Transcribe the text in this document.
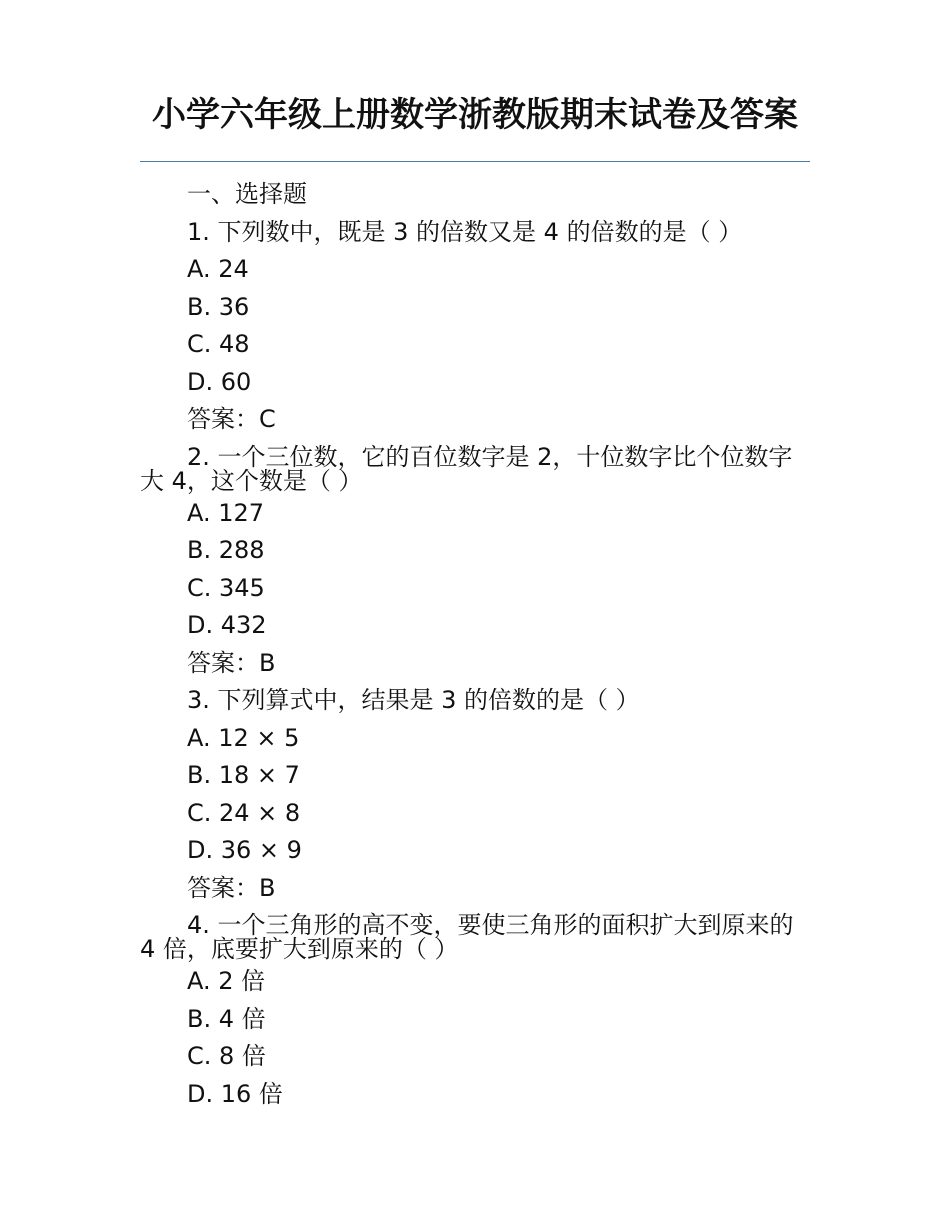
小学六年级上册数学浙教版期末试卷及答案
一、选择题
1. 下列数中，既是 3 的倍数又是 4 的倍数的是（ ）
A. 24
B. 36
C. 48
D. 60
答案：C
2. 一个三位数，它的百位数字是 2，十位数字比个位数字大 4，这个数是（ ）
A. 127
B. 288
C. 345
D. 432
答案：B
3. 下列算式中，结果是 3 的倍数的是（ ）
A. 12 × 5
B. 18 × 7
C. 24 × 8
D. 36 × 9
答案：B
4. 一个三角形的高不变，要使三角形的面积扩大到原来的 4 倍，底要扩大到原来的（ ）
A. 2 倍
B. 4 倍
C. 8 倍
D. 16 倍
